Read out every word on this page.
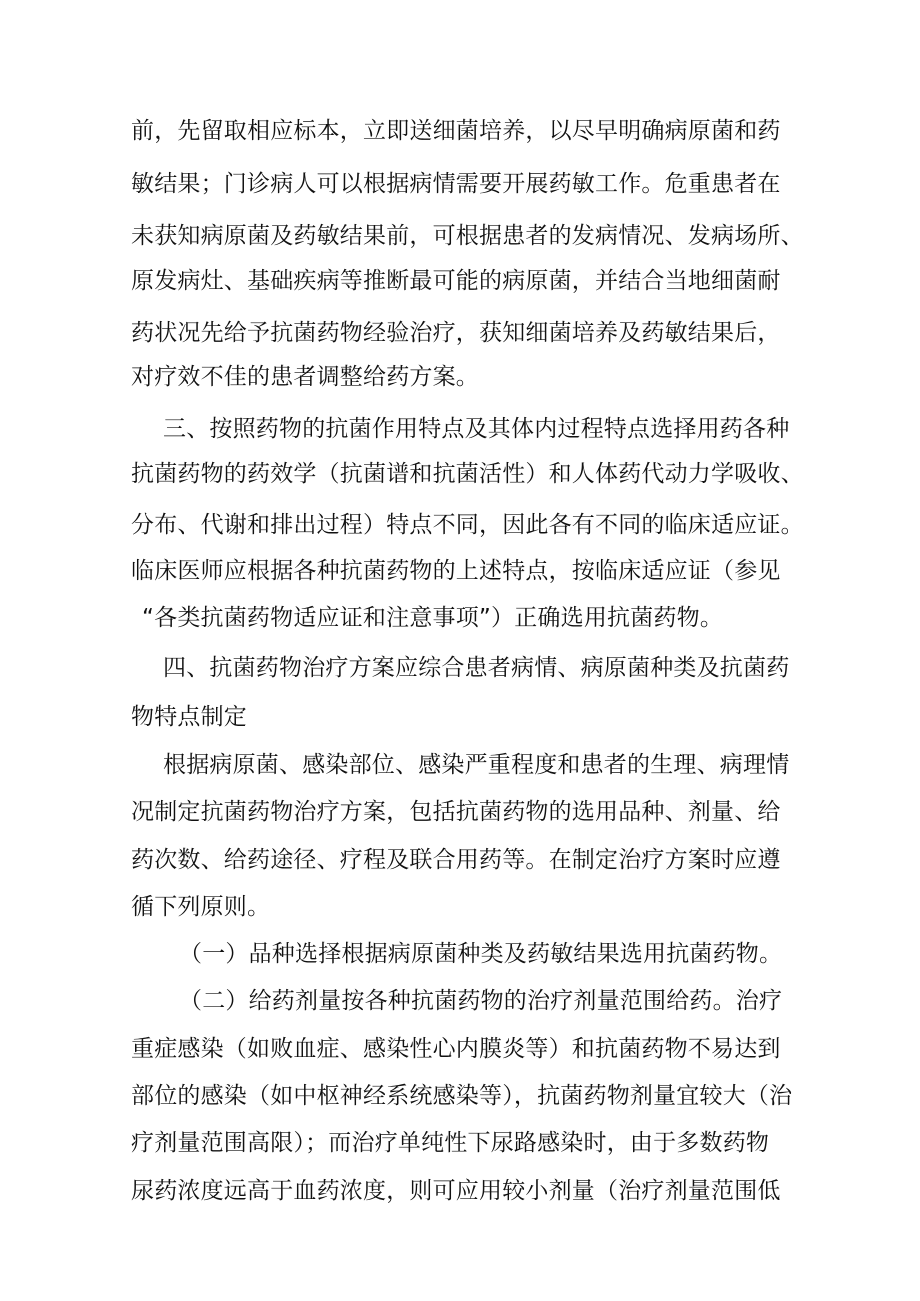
前，先留取相应标本，立即送细菌培养，以尽早明确病原菌和药
敏结果；门诊病人可以根据病情需要开展药敏工作。危重患者在
未获知病原菌及药敏结果前，可根据患者的发病情况、发病场所、
原发病灶、基础疾病等推断最可能的病原菌，并结合当地细菌耐
药状况先给予抗菌药物经验治疗，获知细菌培养及药敏结果后，
对疗效不佳的患者调整给药方案。
三、按照药物的抗菌作用特点及其体内过程特点选择用药各种
抗菌药物的药效学（抗菌谱和抗菌活性）和人体药代动力学吸收、
分布、代谢和排出过程）特点不同，因此各有不同的临床适应证。
临床医师应根据各种抗菌药物的上述特点，按临床适应证（参见
“各类抗菌药物适应证和注意事项”）正确选用抗菌药物。
四、抗菌药物治疗方案应综合患者病情、病原菌种类及抗菌药
物特点制定
根据病原菌、感染部位、感染严重程度和患者的生理、病理情
况制定抗菌药物治疗方案，包括抗菌药物的选用品种、剂量、给
药次数、给药途径、疗程及联合用药等。在制定治疗方案时应遵
循下列原则。
（一）品种选择根据病原菌种类及药敏结果选用抗菌药物。
（二）给药剂量按各种抗菌药物的治疗剂量范围给药。治疗
重症感染（如败血症、感染性心内膜炎等）和抗菌药物不易达到
部位的感染（如中枢神经系统感染等），抗菌药物剂量宜较大（治
疗剂量范围高限）；而治疗单纯性下尿路感染时，由于多数药物
尿药浓度远高于血药浓度，则可应用较小剂量（治疗剂量范围低
